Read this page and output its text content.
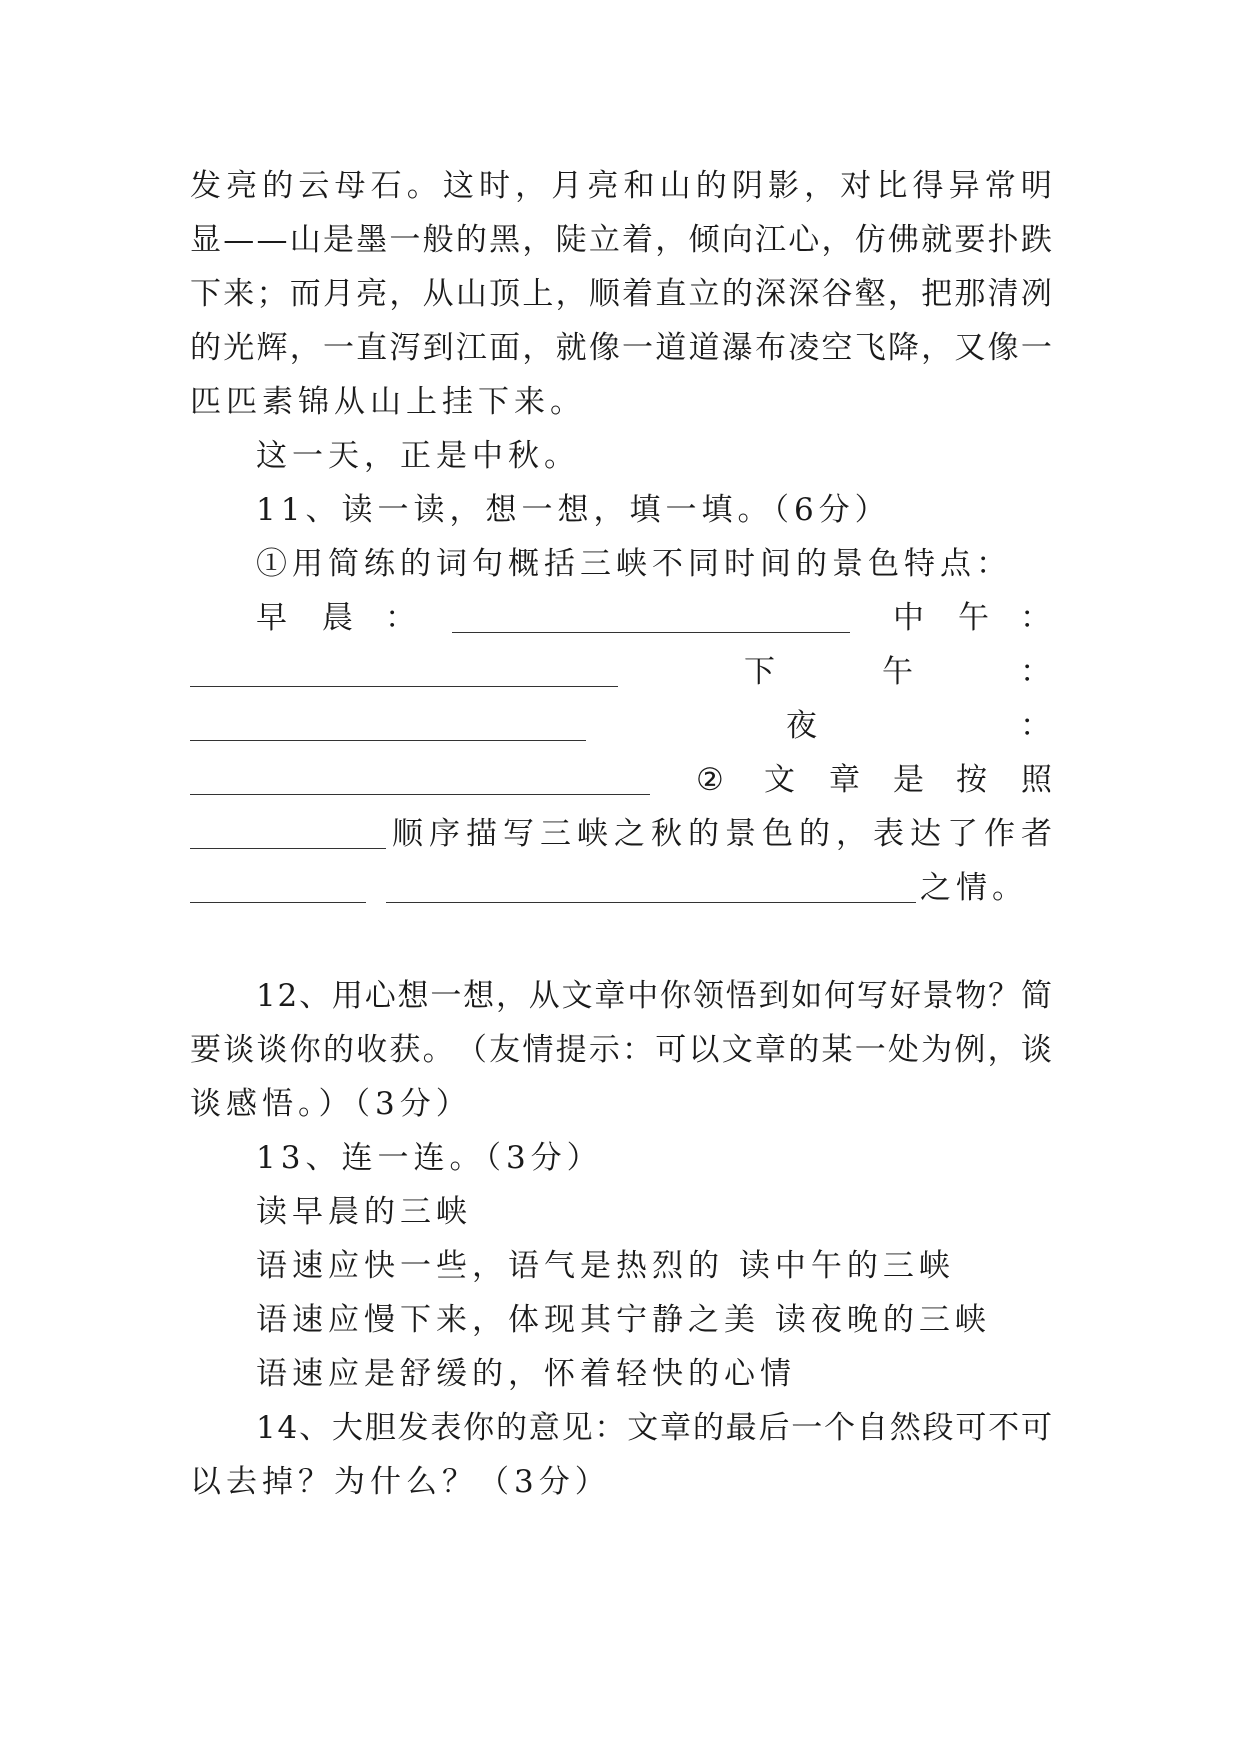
发 亮 的 云 母 石 。 这 时 ， 月 亮 和 山 的 阴 影 ， 对 比 得 异 常 明
显 — — 山 是 墨 一 般 的 黑 ， 陡 立 着 ， 倾 向 江 心 ， 仿 佛 就 要 扑 跌
下 来 ； 而 月 亮 ， 从 山 顶 上 ， 顺 着 直 立 的 深 深 谷 壑 ， 把 那 清 冽
的 光 辉 ， 一 直 泻 到 江 面 ， 就 像 一 道 道 瀑 布 凌 空 飞 降 ， 又 像 一
匹匹素锦从山上挂下来。
这一天，正是中秋。
11、读一读，想一想，填一填。（6分）
①用简练的词句概括三峡不同时间的景色特点：
早 晨 ：	中 午 ：
下	午	：
夜	：
② 文 章 是 按 照
顺 序 描 写 三 峡 之 秋 的 景 色 的 ， 表 达 了 作 者
之情。
1 2 、 用 心 想 一 想 ， 从 文 章 中 你 领 悟 到 如 何 写 好 景 物 ？ 简
要 谈 谈 你 的 收 获 。 （ 友 情 提 示 ： 可 以 文 章 的 某 一 处 为 例 ， 谈
谈感悟。）（3分）
13、连一连。（3分）
读早晨的三峡
语速应快一些，语气是热烈的 读中午的三峡
语速应慢下来，体现其宁静之美 读夜晚的三峡
语速应是舒缓的，怀着轻快的心情
1 4 、 大 胆 发 表 你 的 意 见 ： 文 章 的 最 后 一 个 自 然 段 可 不 可
以去掉？为什么？（3分）
